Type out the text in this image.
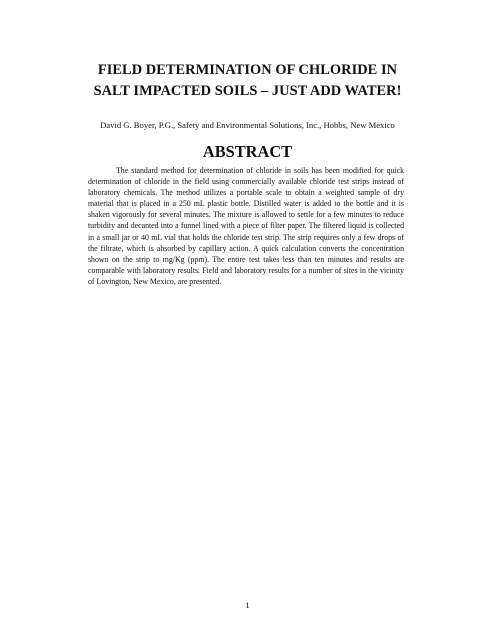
FIELD DETERMINATION OF CHLORIDE IN
SALT IMPACTED SOILS – JUST ADD WATER!

David G. Boyer, P.G., Safety and Environmental Solutions, Inc., Hobbs, New Mexico

ABSTRACT

The standard method for determination of chloride in soils has been modified for quick determination of chloride in the field using commercially available chloride test strips instead of laboratory chemicals. The method utilizes a portable scale to obtain a weighted sample of dry material that is placed in a 250 mL plastic bottle. Distilled water is added to the bottle and it is shaken vigorously for several minutes. The mixture is allowed to settle for a few minutes to reduce turbidity and decanted into a funnel lined with a piece of filter paper. The filtered liquid is collected in a small jar or 40 mL vial that holds the chloride test strip. The strip requires only a few drops of the filtrate, which is absorbed by capillary action. A quick calculation converts the concentration shown on the strip to mg/Kg (ppm). The entire test takes less than ten minutes and results are comparable with laboratory results. Field and laboratory results for a number of sites in the vicinity of Lovington, New Mexico, are presented.

1
